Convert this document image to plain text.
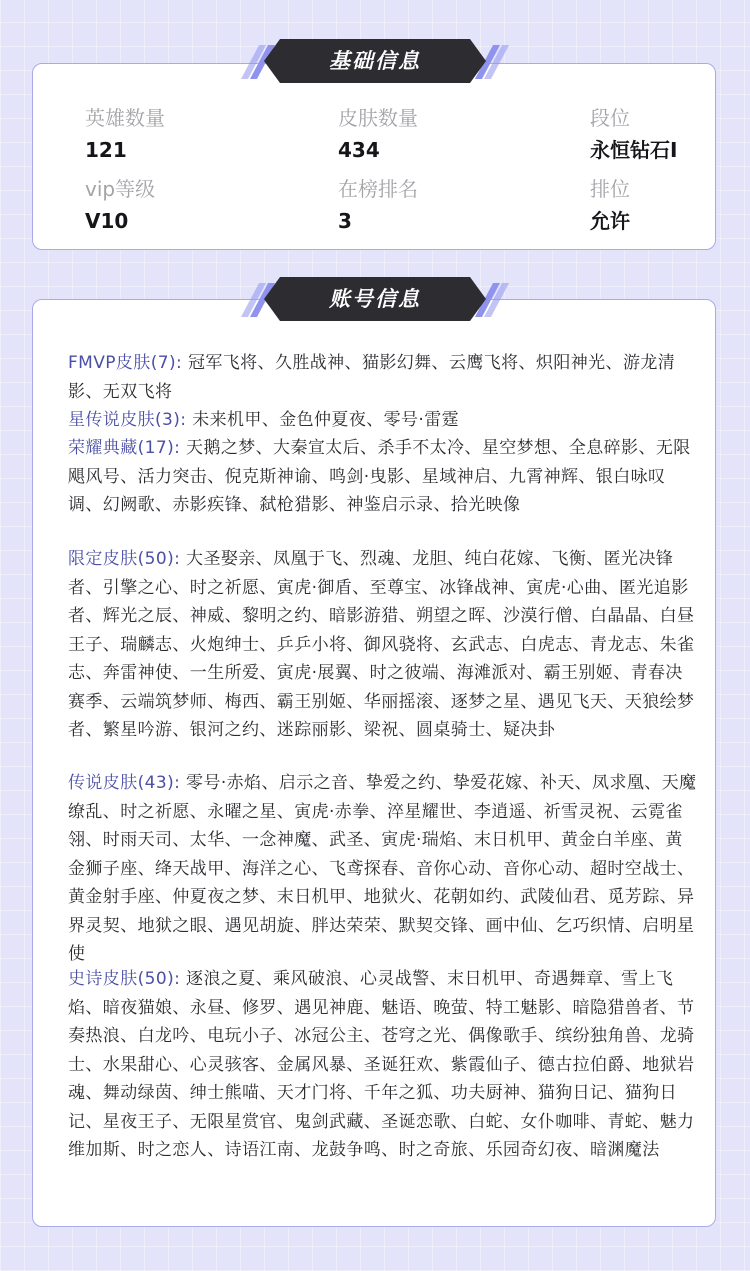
英雄数量
121
皮肤数量
434
段位
永恒钻石I
vip等级
V10
在榜排名
3
排位
允许
基础信息
账号信息
FMVP皮肤(7): 冠军飞将、久胜战神、猫影幻舞、云鹰飞将、炽阳神光、游龙清影、无双飞将
星传说皮肤(3): 未来机甲、金色仲夏夜、零号·雷霆
荣耀典藏(17): 天鹅之梦、大秦宣太后、杀手不太冷、星空梦想、全息碎影、无限飓风号、活力突击、倪克斯神谕、鸣剑·曳影、星域神启、九霄神辉、银白咏叹调、幻阙歌、赤影疾锋、弑枪猎影、神鉴启示录、拾光映像
限定皮肤(50): 大圣娶亲、凤凰于飞、烈魂、龙胆、纯白花嫁、飞衡、匿光决锋者、引擎之心、时之祈愿、寅虎·御盾、至尊宝、冰锋战神、寅虎·心曲、匿光追影者、辉光之辰、神威、黎明之约、暗影游猎、朔望之晖、沙漠行僧、白晶晶、白昼王子、瑞麟志、火炮绅士、乒乒小将、御风骁将、玄武志、白虎志、青龙志、朱雀志、奔雷神使、一生所爱、寅虎·展翼、时之彼端、海滩派对、霸王别姬、青春决赛季、云端筑梦师、梅西、霸王别姬、华丽摇滚、逐梦之星、遇见飞天、天狼绘梦者、繁星吟游、银河之约、迷踪丽影、梁祝、圆桌骑士、疑决卦
传说皮肤(43): 零号·赤焰、启示之音、挚爱之约、挚爱花嫁、补天、凤求凰、天魔缭乱、时之祈愿、永曜之星、寅虎·赤拳、淬星耀世、李逍遥、祈雪灵祝、云霓雀翎、时雨天司、太华、一念神魔、武圣、寅虎·瑞焰、末日机甲、黄金白羊座、黄金狮子座、绛天战甲、海洋之心、飞鸢探春、音你心动、音你心动、超时空战士、黄金射手座、仲夏夜之梦、末日机甲、地狱火、花朝如约、武陵仙君、觅芳踪、异界灵契、地狱之眼、遇见胡旋、胖达荣荣、默契交锋、画中仙、乞巧织情、启明星使
史诗皮肤(50): 逐浪之夏、乘风破浪、心灵战警、末日机甲、奇遇舞章、雪上飞焰、暗夜猫娘、永昼、修罗、遇见神鹿、魅语、晚萤、特工魅影、暗隐猎兽者、节奏热浪、白龙吟、电玩小子、冰冠公主、苍穹之光、偶像歌手、缤纷独角兽、龙骑士、水果甜心、心灵骇客、金属风暴、圣诞狂欢、紫霞仙子、德古拉伯爵、地狱岩魂、舞动绿茵、绅士熊喵、天才门将、千年之狐、功夫厨神、猫狗日记、猫狗日记、星夜王子、无限星赏官、鬼剑武藏、圣诞恋歌、白蛇、女仆咖啡、青蛇、魅力维加斯、时之恋人、诗语江南、龙鼓争鸣、时之奇旅、乐园奇幻夜、暗渊魔法
